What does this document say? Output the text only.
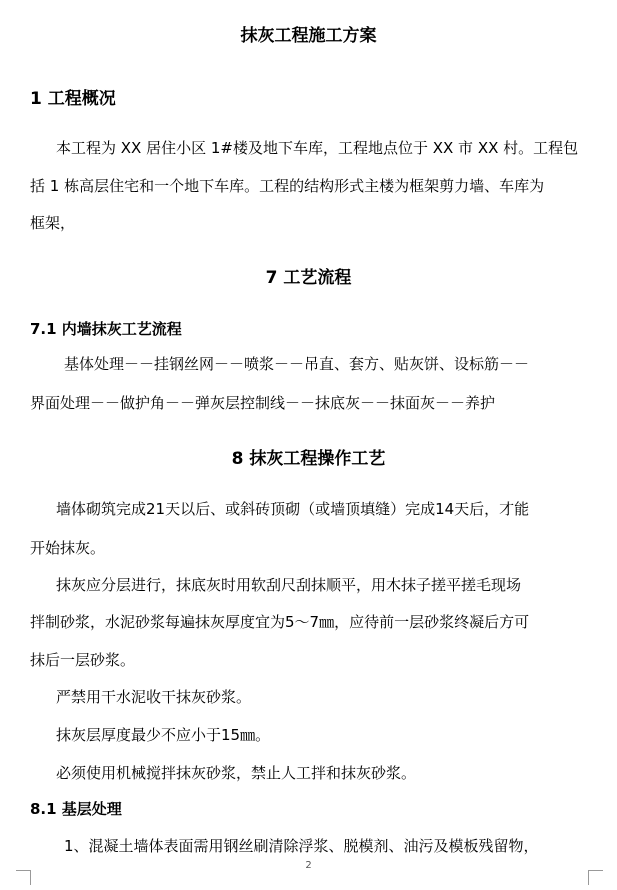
抹灰工程施工方案
1 工程概况
本工程为 XX 居住小区 1#楼及地下车库，工程地点位于 XX 市 XX 村。工程包
括 1 栋高层住宅和一个地下车库。工程的结构形式主楼为框架剪力墙、车库为
框架，
7 工艺流程
7.1 内墙抹灰工艺流程
基体处理－－挂钢丝网－－喷浆－－吊直、套方、贴灰饼、设标筋－－
界面处理－－做护角－－弹灰层控制线－－抹底灰－－抹面灰－－养护
8 抹灰工程操作工艺
墙体砌筑完成21天以后、或斜砖顶砌（或墙顶填缝）完成14天后，才能
开始抹灰。
抹灰应分层进行，抹底灰时用软刮尺刮抹顺平，用木抹子搓平搓毛现场
拌制砂浆，水泥砂浆每遍抹灰厚度宜为5～7㎜，应待前一层砂浆终凝后方可
抹后一层砂浆。
严禁用干水泥收干抹灰砂浆。
抹灰层厚度最少不应小于15㎜。
必须使用机械搅拌抹灰砂浆，禁止人工拌和抹灰砂浆。
8.1 基层处理
1、混凝土墙体表面需用钢丝刷清除浮浆、脱模剂、油污及模板残留物，
2
